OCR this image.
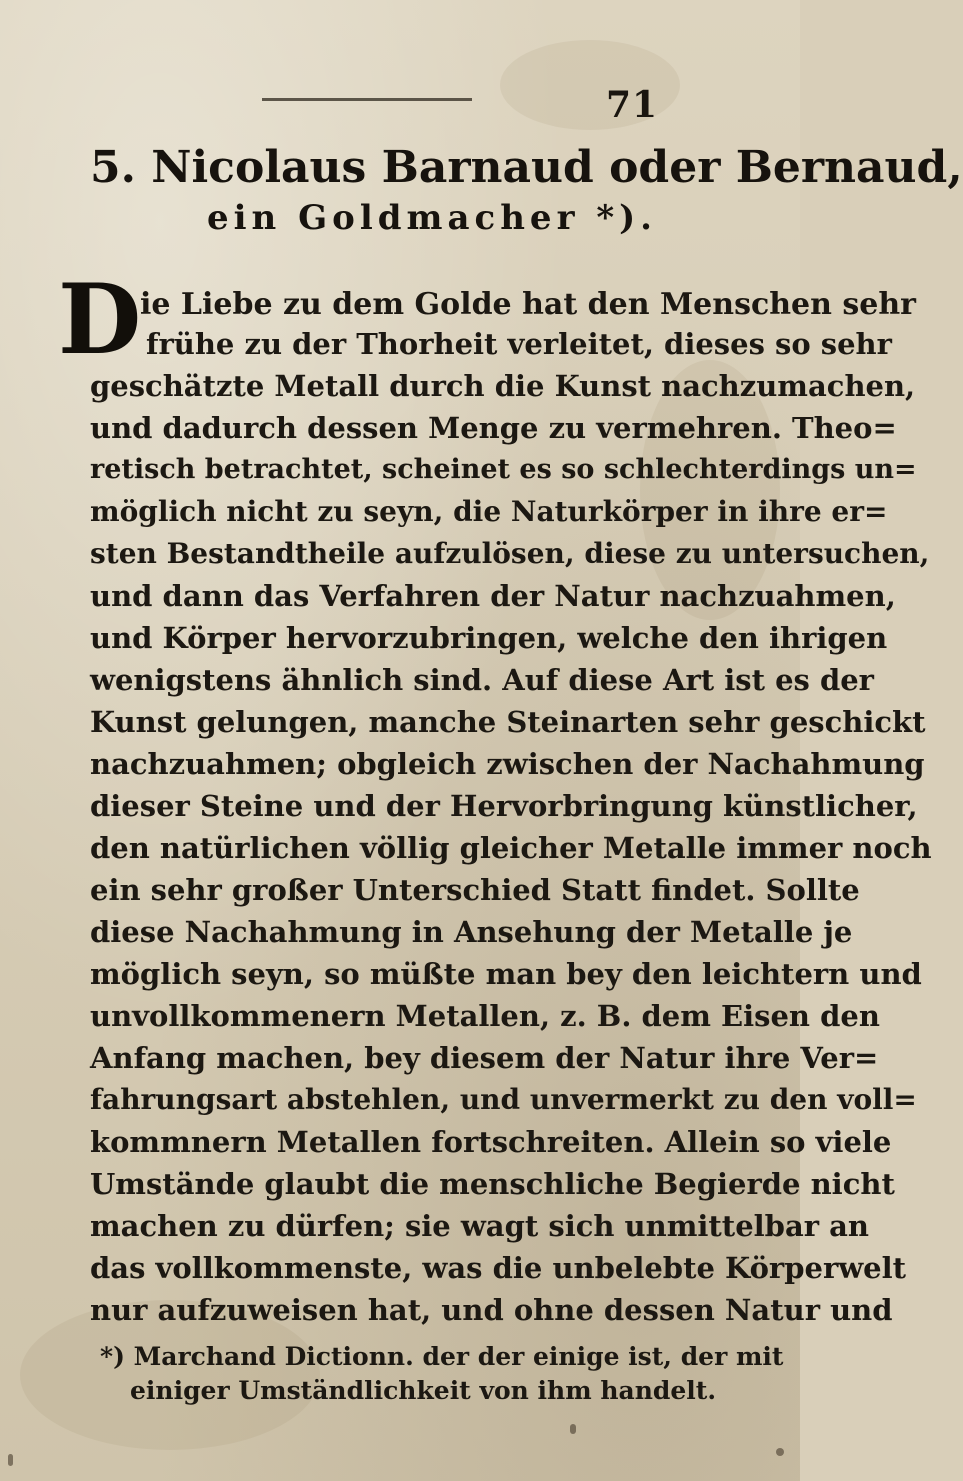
71
5. Nicolaus Barnaud oder Bernaud,
ein Goldmacher *).
D
ie Liebe zu dem Golde hat den Menschen sehr
frühe zu der Thorheit verleitet, dieses so sehr
geschätzte Metall durch die Kunst nachzumachen,
und dadurch dessen Menge zu vermehren. Theo=
retisch betrachtet, scheinet es so schlechterdings un=
möglich nicht zu seyn, die Naturkörper in ihre er=
sten Bestandtheile aufzulösen, diese zu untersuchen,
und dann das Verfahren der Natur nachzuahmen,
und Körper hervorzubringen, welche den ihrigen
wenigstens ähnlich sind. Auf diese Art ist es der
Kunst gelungen, manche Steinarten sehr geschickt
nachzuahmen; obgleich zwischen der Nachahmung
dieser Steine und der Hervorbringung künstlicher,
den natürlichen völlig gleicher Metalle immer noch
ein sehr großer Unterschied Statt findet. Sollte
diese Nachahmung in Ansehung der Metalle je
möglich seyn, so müßte man bey den leichtern und
unvollkommenern Metallen, z. B. dem Eisen den
Anfang machen, bey diesem der Natur ihre Ver=
fahrungsart abstehlen, und unvermerkt zu den voll=
kommnern Metallen fortschreiten. Allein so viele
Umstände glaubt die menschliche Begierde nicht
machen zu dürfen; sie wagt sich unmittelbar an
das vollkommenste, was die unbelebte Körperwelt
nur aufzuweisen hat, und ohne dessen Natur und
*) Marchand Dictionn. der der einige ist, der mit
einiger Umständlichkeit von ihm handelt.
